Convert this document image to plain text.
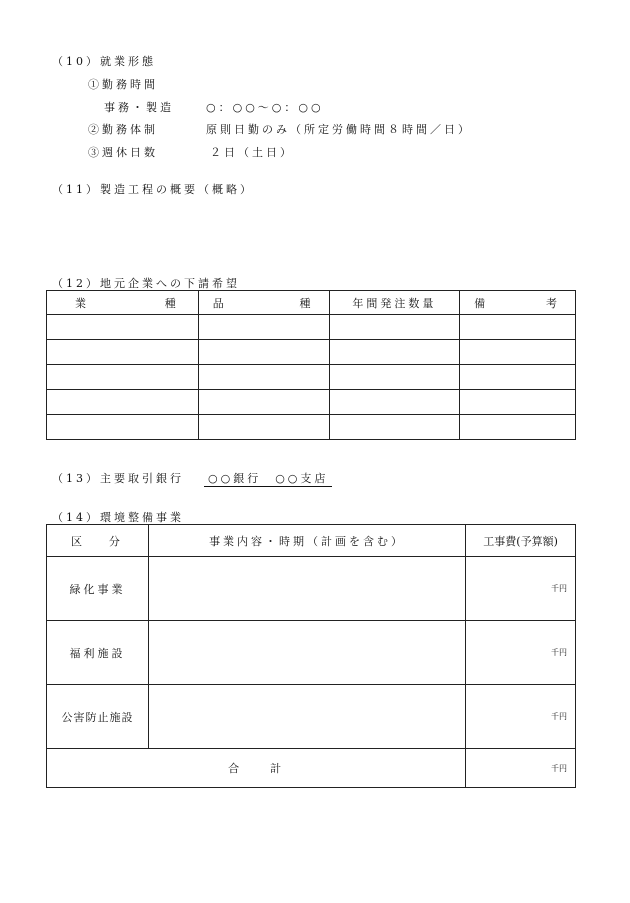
（10）就業形態
①勤務時間
事務・製造	○：○○～○：○○
②勤務体制	原則日勤のみ（所定労働時間８時間／日）
③週休日数	２日（土日）
（11）製造工程の概要（概略）
（12）地元企業への下請希望
業 種	品 種	年間発注数量	備 考

（13）主要取引銀行	○○銀行　○○支店
（14）環境整備事業
区 分	事業内容・時期（計画を含む）	工事費(予算額)
緑化事業		千円
福利施設		千円
公害防止施設		千円
合　　計		千円
